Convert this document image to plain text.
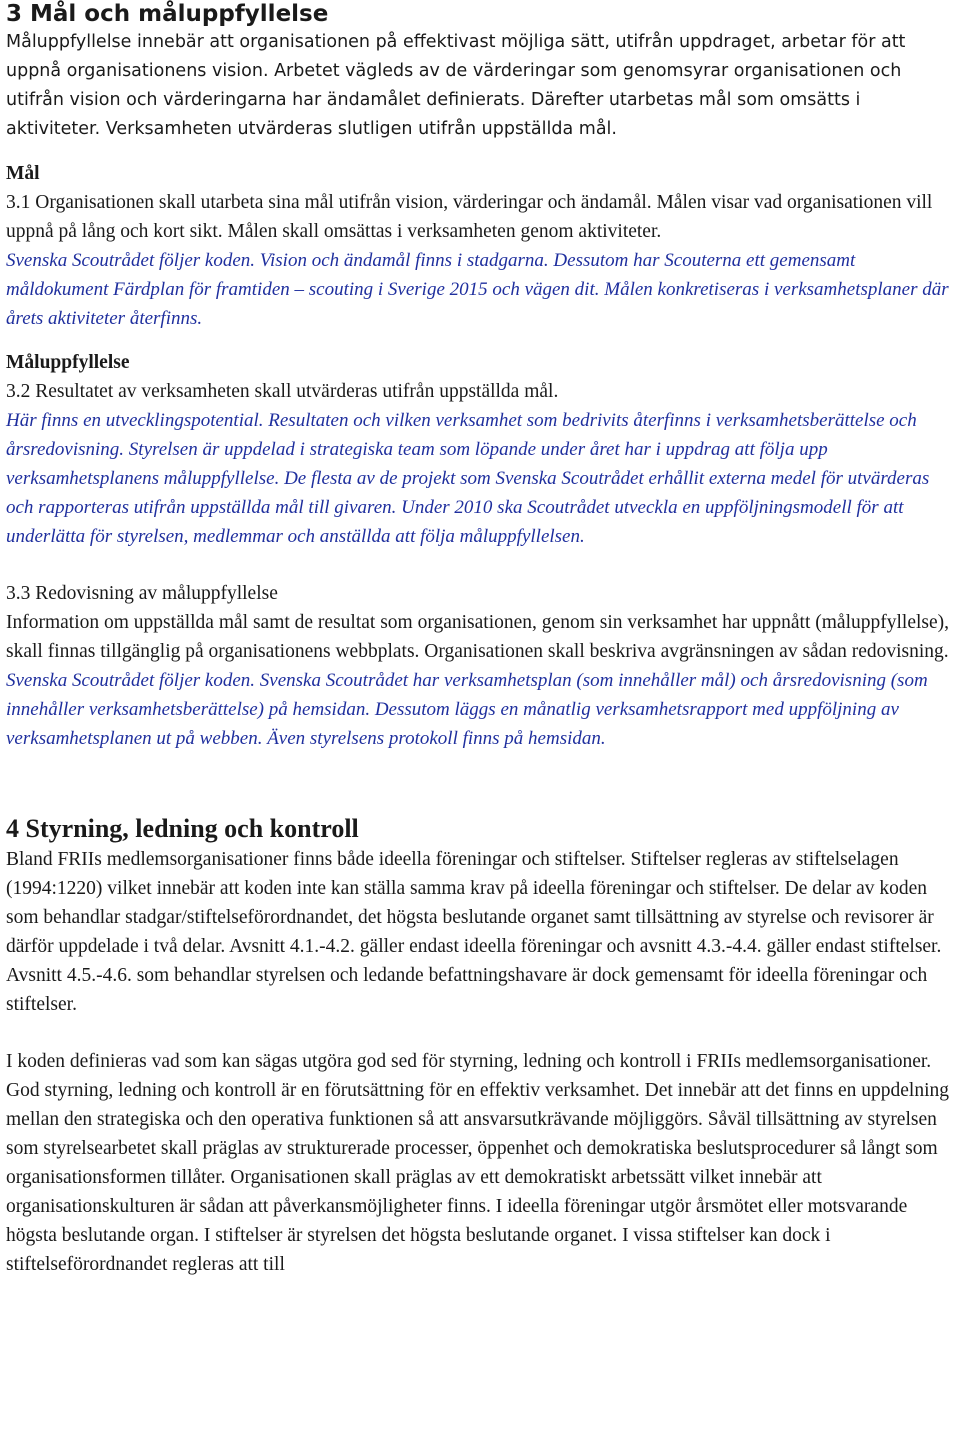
3 Mål och måluppfyllelse

Måluppfyllelse innebär att organisationen på effektivast möjliga sätt, utifrån uppdraget, arbetar för att uppnå organisationens vision. Arbetet vägleds av de värderingar som genomsyrar organisationen och utifrån vision och värderingarna har ändamålet definierats. Därefter utarbetas mål som omsätts i aktiviteter. Verksamheten utvärderas slutligen utifrån uppställda mål.

Mål

3.1 Organisationen skall utarbeta sina mål utifrån vision, värderingar och ändamål. Målen visar vad organisationen vill uppnå på lång och kort sikt. Målen skall omsättas i verksamheten genom aktiviteter.

Svenska Scoutrådet följer koden. Vision och ändamål finns i stadgarna. Dessutom har Scouterna ett gemensamt måldokument Färdplan för framtiden – scouting i Sverige 2015 och vägen dit. Målen konkretiseras i verksamhetsplaner där årets aktiviteter återfinns.

Måluppfyllelse

3.2 Resultatet av verksamheten skall utvärderas utifrån uppställda mål.

Här finns en utvecklingspotential. Resultaten och vilken verksamhet som bedrivits återfinns i verksamhetsberättelse och årsredovisning. Styrelsen är uppdelad i strategiska team som löpande under året har i uppdrag att följa upp verksamhetsplanens måluppfyllelse. De flesta av de projekt som Svenska Scoutrådet erhållit externa medel för utvärderas och rapporteras utifrån uppställda mål till givaren. Under 2010 ska Scoutrådet utveckla en uppföljningsmodell för att underlätta för styrelsen, medlemmar och anställda att följa måluppfyllelsen.

3.3 Redovisning av måluppfyllelse

Information om uppställda mål samt de resultat som organisationen, genom sin verksamhet har uppnått (måluppfyllelse), skall finnas tillgänglig på organisationens webbplats. Organisationen skall beskriva avgränsningen av sådan redovisning.

Svenska Scoutrådet följer koden. Svenska Scoutrådet har verksamhetsplan (som innehåller mål) och årsredovisning (som innehåller verksamhetsberättelse) på hemsidan. Dessutom läggs en månatlig verksamhetsrapport med uppföljning av verksamhetsplanen ut på webben. Även styrelsens protokoll finns på hemsidan.

4 Styrning, ledning och kontroll

Bland FRIIs medlemsorganisationer finns både ideella föreningar och stiftelser. Stiftelser regleras av stiftelselagen (1994:1220) vilket innebär att koden inte kan ställa samma krav på ideella föreningar och stiftelser. De delar av koden som behandlar stadgar/stiftelseförordnandet, det högsta beslutande organet samt tillsättning av styrelse och revisorer är därför uppdelade i två delar. Avsnitt 4.1.-4.2. gäller endast ideella föreningar och avsnitt 4.3.-4.4. gäller endast stiftelser. Avsnitt 4.5.-4.6. som behandlar styrelsen och ledande befattningshavare är dock gemensamt för ideella föreningar och stiftelser.

I koden definieras vad som kan sägas utgöra god sed för styrning, ledning och kontroll i FRIIs medlemsorganisationer. God styrning, ledning och kontroll är en förutsättning för en effektiv verksamhet. Det innebär att det finns en uppdelning mellan den strategiska och den operativa funktionen så att ansvarsutkrävande möjliggörs. Såväl tillsättning av styrelsen som styrelsearbetet skall präglas av strukturerade processer, öppenhet och demokratiska beslutsprocedurer så långt som organisationsformen tillåter. Organisationen skall präglas av ett demokratiskt arbetssätt vilket innebär att organisationskulturen är sådan att påverkansmöjligheter finns. I ideella föreningar utgör årsmötet eller motsvarande högsta beslutande organ. I stiftelser är styrelsen det högsta beslutande organet. I vissa stiftelser kan dock i stiftelseförordnandet regleras att till
